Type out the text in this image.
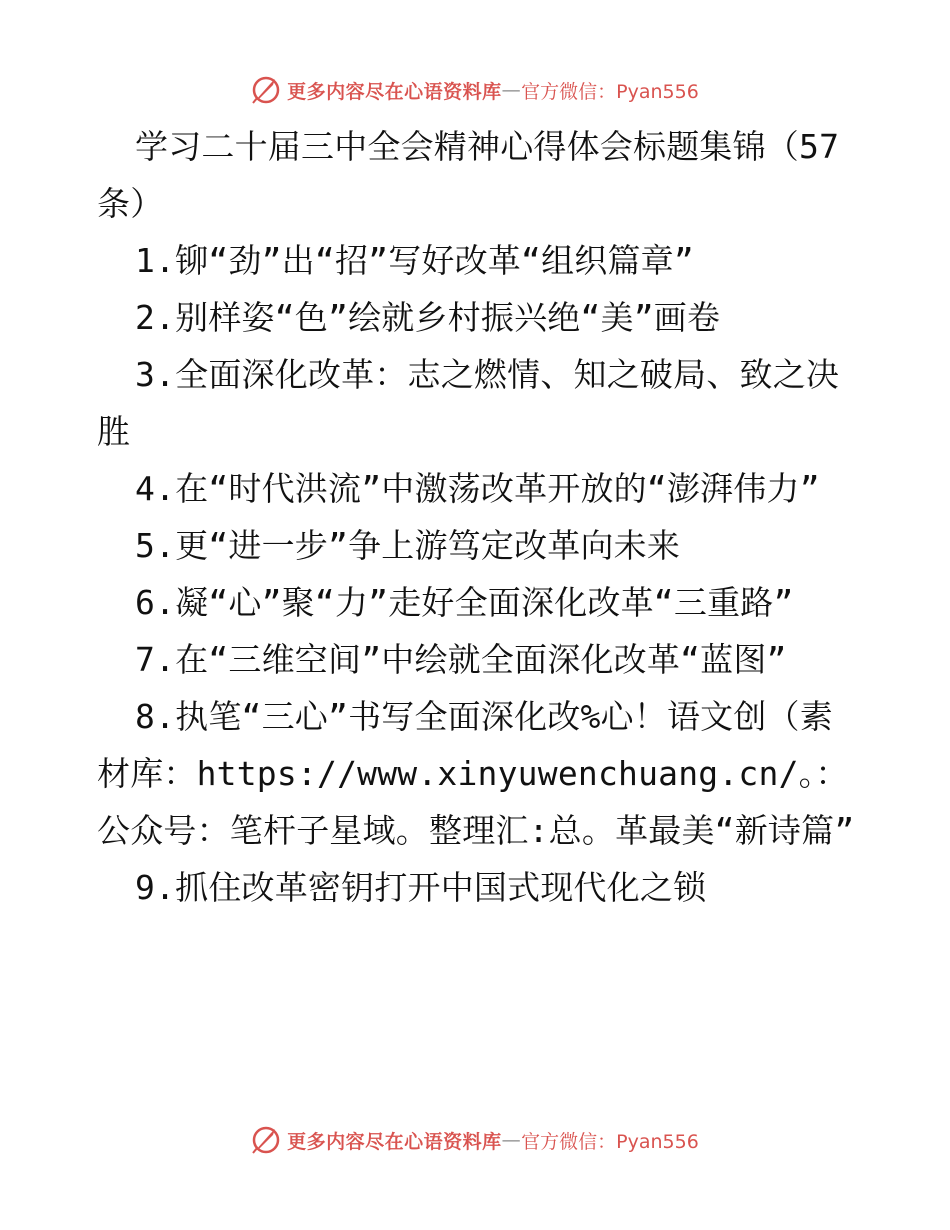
更多内容尽在心语资料库 — 官方微信：Pyan556

学习二十届三中全会精神心得体会标题集锦（57条）

1.铆“劲”出“招”写好改革“组织篇章”

2.别样姿“色”绘就乡村振兴绝“美”画卷

3.全面深化改革：志之燃情、知之破局、致之决胜

4.在“时代洪流”中激荡改革开放的“澎湃伟力”

5.更“进一步”争上游笃定改革向未来

6.凝“心”聚“力”走好全面深化改革“三重路”

7.在“三维空间”中绘就全面深化改革“蓝图”

8.执笔“三心”书写全面深化改%心！语文创（素材库：https://www.xinyuwenchuang.cn/。：公众号：笔杆子星域。整理汇:总。革最美“新诗篇”

9.抓住改革密钥打开中国式现代化之锁

更多内容尽在心语资料库 — 官方微信：Pyan556
